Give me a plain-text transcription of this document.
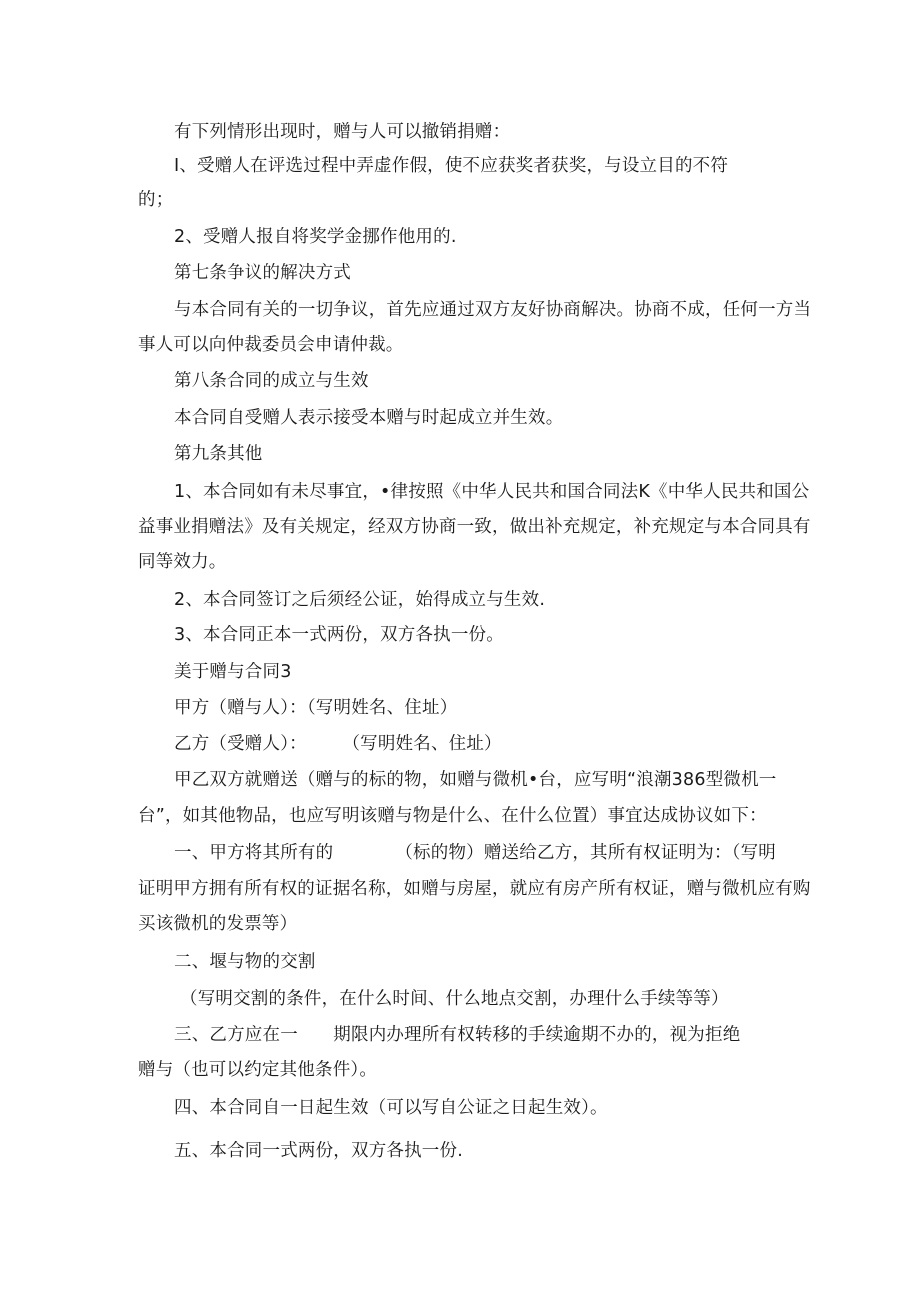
有下列情形出现时，赠与人可以撤销捐赠：
I、受赠人在评选过程中弄虚作假，使不应获奖者获奖，与设立目的不符
的；
2、受赠人报自将奖学金挪作他用的.
第七条争议的解决方式
与本合同有关的一切争议，首先应通过双方友好协商解决。协商不成，任何一方当
事人可以向仲裁委员会申请仲裁。
第八条合同的成立与生效
本合同自受赠人表示接受本赠与时起成立并生效。
第九条其他
1、本合同如有未尽事宜，•律按照《中华人民共和国合同法K《中华人民共和国公
益事业捐赠法》及有关规定，经双方协商一致，做出补充规定，补充规定与本合同具有
同等效力。
2、本合同签订之后须经公证，始得成立与生效.
3、本合同正本一式两份，双方各执一份。
美于赠与合同3
甲方（赠与人）：（写明姓名、住址）
乙方（受赠人）：　　　（写明姓名、住址）
甲乙双方就赠送（赠与的标的物，如赠与微机•台，应写明“浪潮386型微机一
台”，如其他物品，也应写明该赠与物是什么、在什么位置）事宜达成协议如下：
一、甲方将其所有的　　　　（标的物）赠送给乙方，其所有权证明为：（写明
证明甲方拥有所有权的证据名称，如赠与房屋，就应有房产所有权证，赠与微机应有购
买该微机的发票等）
二、堰与物的交割
（写明交割的条件，在什么时间、什么地点交割，办理什么手续等等）
三、乙方应在一　　期限内办理所有权转移的手续逾期不办的，视为拒绝
赠与（也可以约定其他条件）。
四、本合同自一日起生效（可以写自公证之日起生效）。
五、本合同一式两份，双方各执一份.
